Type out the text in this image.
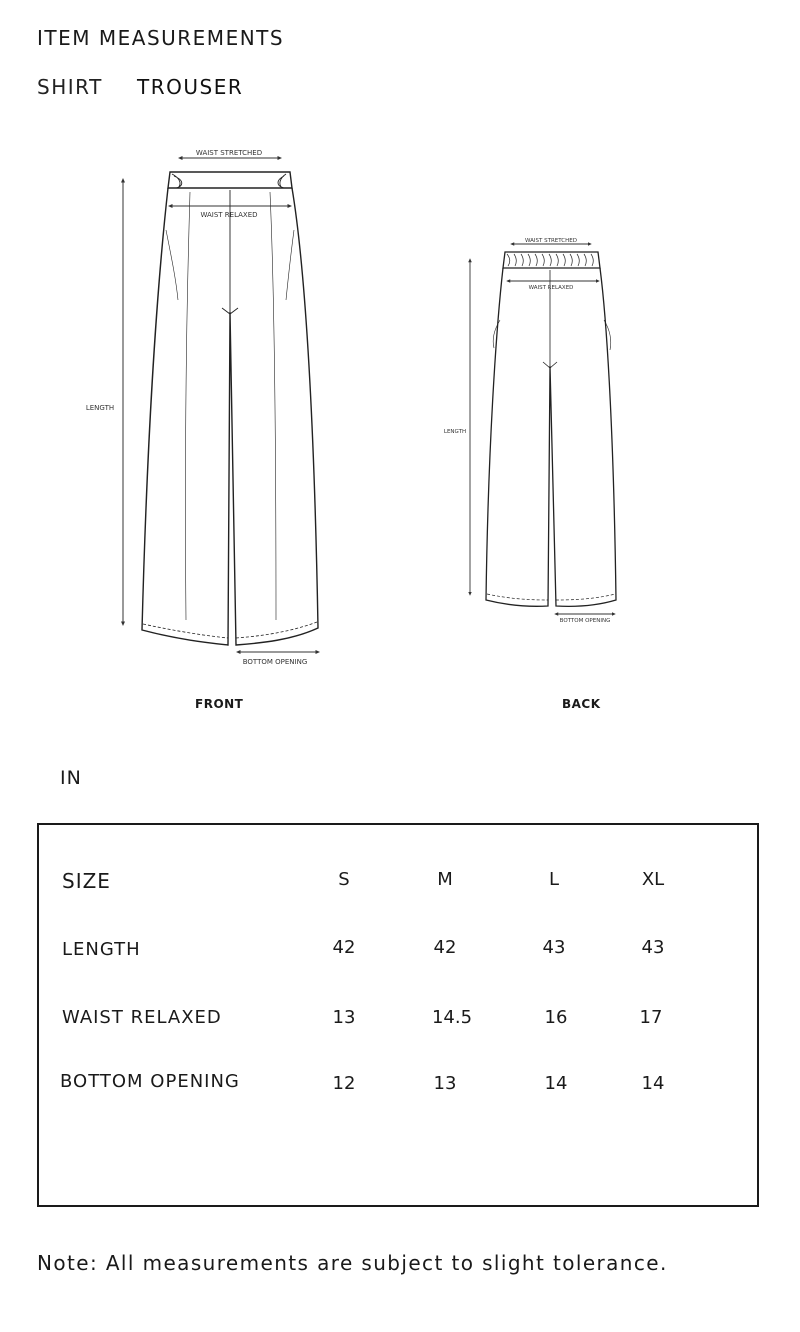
ITEM MEASUREMENTS
SHIRT TROUSER
WAIST STRETCHED
WAIST RELAXED
LENGTH
BOTTOM OPENING
WAIST STRETCHED
WAIST RELAXED
LENGTH
BOTTOM OPENING
FRONT	BACK
IN
SIZE	S	M	L	XL
LENGTH	42	42	43	43
WAIST RELAXED	13	14.5	16	17
BOTTOM OPENING	12	13	14	14
Note: All measurements are subject to slight tolerance.
